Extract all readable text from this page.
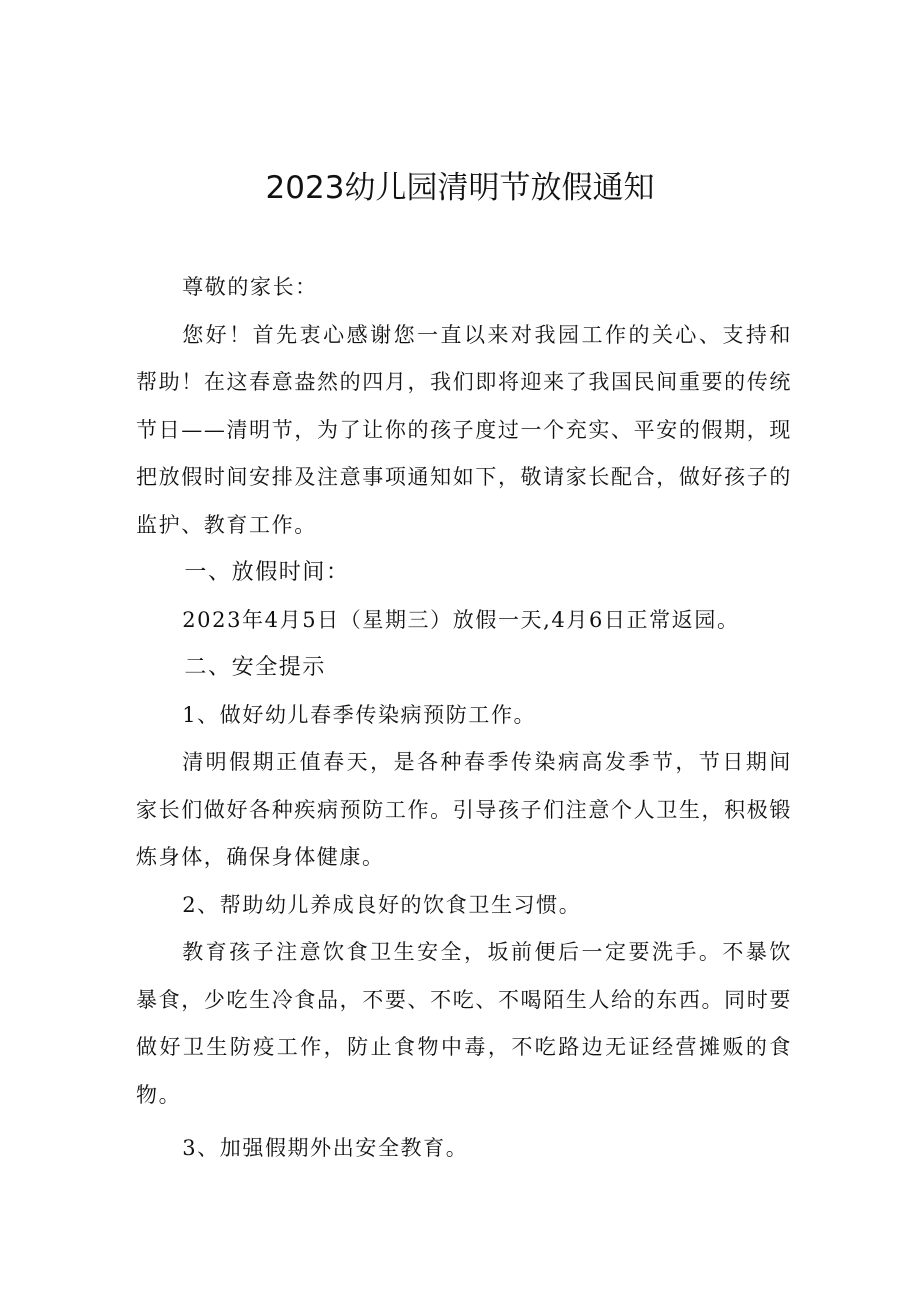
2023幼儿园清明节放假通知

尊敬的家长：

您好！首先衷心感谢您一直以来对我园工作的关心、支持和帮助！在这春意盎然的四月，我们即将迎来了我国民间重要的传统节日——清明节，为了让你的孩子度过一个充实、平安的假期，现把放假时间安排及注意事项通知如下，敬请家长配合，做好孩子的监护、教育工作。

一、放假时间：

2023年4月5日（星期三）放假一天,4月6日正常返园。

二、安全提示

1、做好幼儿春季传染病预防工作。

清明假期正值春天，是各种春季传染病高发季节，节日期间家长们做好各种疾病预防工作。引导孩子们注意个人卫生，积极锻炼身体，确保身体健康。

2、帮助幼儿养成良好的饮食卫生习惯。

教育孩子注意饮食卫生安全，坂前便后一定要洗手。不暴饮暴食，少吃生冷食品，不要、不吃、不喝陌生人给的东西。同时要做好卫生防疫工作，防止食物中毒，不吃路边无证经营摊贩的食物。

3、加强假期外出安全教育。
